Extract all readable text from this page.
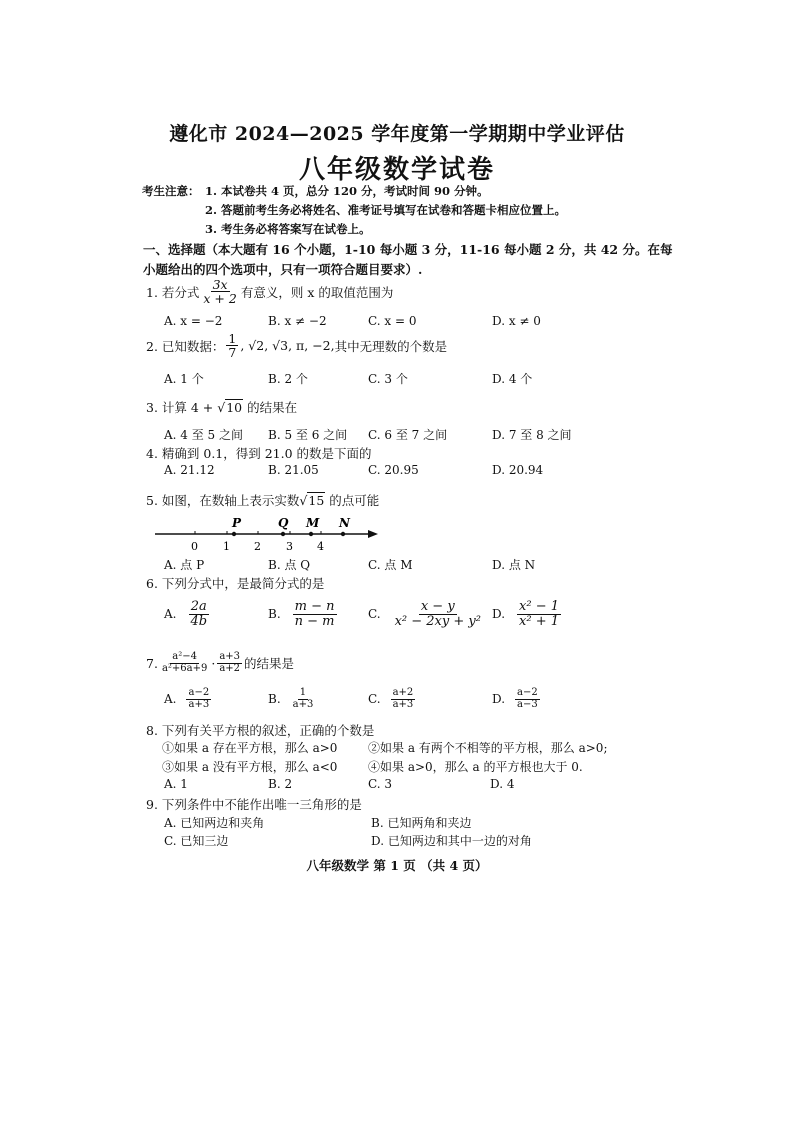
遵化市 2024—2025 学年度第一学期期中学业评估
八年级数学试卷
考生注意： 1. 本试卷共 4 页，总分 120 分，考试时间 90 分钟。
2. 答题前考生务必将姓名、准考证号填写在试卷和答题卡相应位置上。
3. 考生务必将答案写在试卷上。
一、选择题（本大题有 16 个小题，1-10 每小题 3 分，11-16 每小题 2 分，共 42 分。在每
小题给出的四个选项中，只有一项符合题目要求）.
1. 若分式 $\frac{3x}{x + 2}$ 有意义，则 x 的取值范围为
A. x = −2	B. x ≠ −2	C. x = 0	D. x ≠ 0
2. 已知数据： $\frac{1}{7}$ , √2, √3, π, −2, 其中无理数的个数是
A. 1 个	B. 2 个	C. 3 个	D. 4 个
3. 计算 4 + √10 的结果在
A. 4 至 5 之间 B. 5 至 6 之间 C. 6 至 7 之间	D. 7 至 8 之间
4. 精确到 0.1，得到 21.0 的数是下面的
A. 21.12	B. 21.05	C. 20.95	D. 20.94
5. 如图，在数轴上表示实数√15 的点可能
P	Q M N
0 1 2 3 4
A. 点 P	B. 点 Q	C. 点 M	D. 点 N
6. 下列分式中，是最简分式的是
A. $\frac{2a}{4b}$	B. $\frac{m - n}{n - m}$	C. $\frac{x - y}{\text{x² − 2xy + y²}} D$. $\frac{\text{x² − 1}}{\text{x² + 1}}$
7. $\frac{\text{a²−4}}{\text{a²+6a+9}} \cdot \frac{a+3}{a+2}$ 的结果是
A. $\frac{a-2}{a+3}$	B. $\frac{1}{a+3}$	C. $\frac{a+2}{a+3}$	D. $\frac{a-2}{a-3}$
8. 下列有关平方根的叙述，正确的个数是
①如果 a 存在平方根，那么 a>0	②如果 a 有两个不相等的平方根，那么 a>0;
③如果 a 没有平方根，那么 a<0	④如果 a>0，那么 a 的平方根也大于 0.
A. 1	B. 2	C. 3	D. 4
9. 下列条件中不能作出唯一三角形的是
A. 已知两边和夹角	B. 已知两角和夹边
C. 已知三边	D. 已知两边和其中一边的对角
八年级数学 第 1 页 （共 4 页）
